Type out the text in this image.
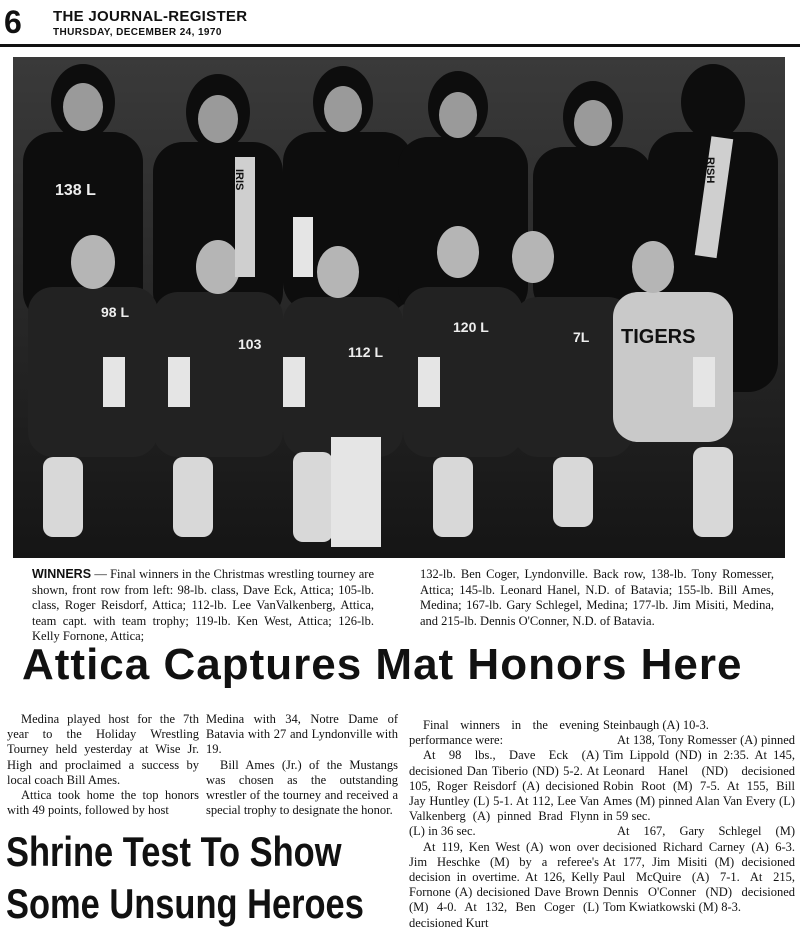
6 THE JOURNAL-REGISTER
THURSDAY, DECEMBER 24, 1970
138 L
98 L
103	112 L
120 L
7L TIGERS
IRIS	RISH
WINNERS — Final winners in the Christmas wrestling tourney are shown, front row from left: 98-lb. class, Dave Eck, Attica; 105-lb. class, Roger Reisdorf, Attica; 112-lb. Lee VanValkenberg, Attica, team capt. with team trophy; 119-lb. Ken West, Attica; 126-lb. Kelly Fornone, Attica;
132-lb. Ben Coger, Lyndonville. Back row, 138-lb. Tony Romesser, Attica; 145-lb. Leonard Hanel, N.D. of Batavia; 155-lb. Bill Ames, Medina; 167-lb. Gary Schlegel, Medina; 177-lb. Jim Misiti, Medina, and 215-lb. Dennis O'Conner, N.D. of Batavia.
Attica Captures Mat Honors Here

Medina played host for the 7th year to the Holiday Wrestling Tourney held yesterday at Wise Jr. High and proclaimed a success by local coach Bill Ames.

Attica took home the top honors with 49 points, followed by host

Medina with 34, Notre Dame of Batavia with 27 and Lyndonville with 19.

Bill Ames (Jr.) of the Mustangs was chosen as the outstanding wrestler of the tourney and received a special trophy to designate the honor.

Final winners in the evening performance were:

At 98 lbs., Dave Eck (A) decisioned Dan Tiberio (ND) 5-2. At 105, Roger Reisdorf (A) decisioned Jay Huntley (L) 5-1. At 112, Lee Van Valkenberg (A) pinned Brad Flynn (L) in 36 sec.

At 119, Ken West (A) won over Jim Heschke (M) by a referee's decision in overtime. At 126, Kelly Fornone (A) decisioned Dave Brown (M) 4-0. At 132, Ben Coger (L) decisioned Kurt

Steinbaugh (A) 10-3.

At 138, Tony Romesser (A) pinned Tim Lippold (ND) in 2:35. At 145, Leonard Hanel (ND) decisioned Robin Root (M) 7-5. At 155, Bill Ames (M) pinned Alan Van Every (L) in 59 sec.

At 167, Gary Schlegel (M) decisioned Richard Carney (A) 6-3. At 177, Jim Misiti (M) decisioned Paul McQuire (A) 7-1. At 215, Dennis O'Conner (ND) decisioned Tom Kwiatkowski (M) 8-3.

Shrine Test To Show
Some Unsung Heroes
